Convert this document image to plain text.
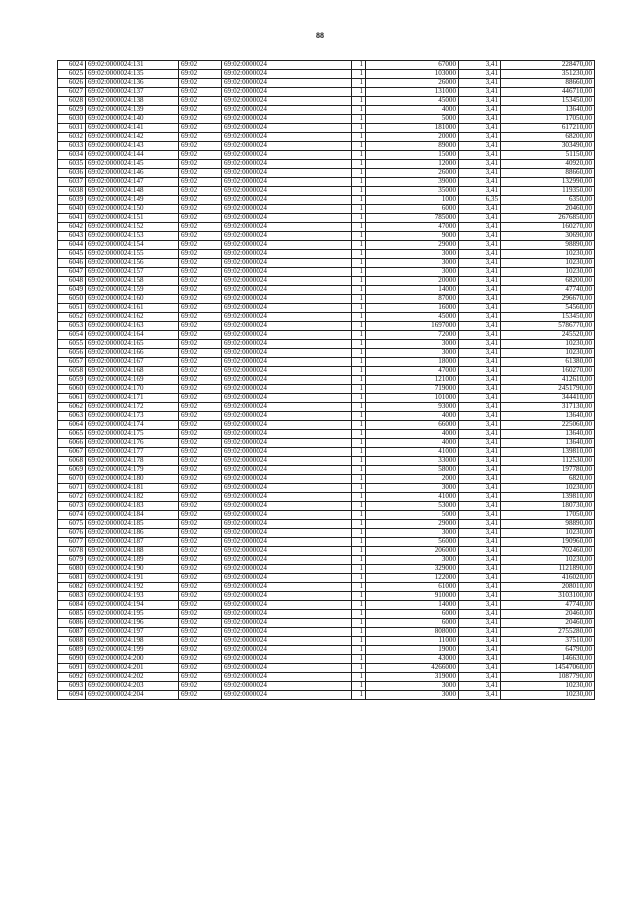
88
6024	69:02:0000024:131	69:02	69:02:0000024	1	67000	3,41	228470,00
6025	69:02:0000024:135	69:02	69:02:0000024	1	103000	3,41	351230,00
6026	69:02:0000024:136	69:02	69:02:0000024	1	26000	3,41	88660,00
6027	69:02:0000024:137	69:02	69:02:0000024	1	131000	3,41	446710,00
6028	69:02:0000024:138	69:02	69:02:0000024	1	45000	3,41	153450,00
6029	69:02:0000024:139	69:02	69:02:0000024	1	4000	3,41	13640,00
6030	69:02:0000024:140	69:02	69:02:0000024	1	5000	3,41	17050,00
6031	69:02:0000024:141	69:02	69:02:0000024	1	181000	3,41	617210,00
6032	69:02:0000024:142	69:02	69:02:0000024	1	20000	3,41	68200,00
6033	69:02:0000024:143	69:02	69:02:0000024	1	89000	3,41	303490,00
6034	69:02:0000024:144	69:02	69:02:0000024	1	15000	3,41	51150,00
6035	69:02:0000024:145	69:02	69:02:0000024	1	12000	3,41	40920,00
6036	69:02:0000024:146	69:02	69:02:0000024	1	26000	3,41	88660,00
6037	69:02:0000024:147	69:02	69:02:0000024	1	39000	3,41	132990,00
6038	69:02:0000024:148	69:02	69:02:0000024	1	35000	3,41	119350,00
6039	69:02:0000024:149	69:02	69:02:0000024	1	1000	6,35	6350,00
6040	69:02:0000024:150	69:02	69:02:0000024	1	6000	3,41	20460,00
6041	69:02:0000024:151	69:02	69:02:0000024	1	785000	3,41	2676850,00
6042	69:02:0000024:152	69:02	69:02:0000024	1	47000	3,41	160270,00
6043	69:02:0000024:153	69:02	69:02:0000024	1	9000	3,41	30690,00
6044	69:02:0000024:154	69:02	69:02:0000024	1	29000	3,41	98890,00
6045	69:02:0000024:155	69:02	69:02:0000024	1	3000	3,41	10230,00
6046	69:02:0000024:156	69:02	69:02:0000024	1	3000	3,41	10230,00
6047	69:02:0000024:157	69:02	69:02:0000024	1	3000	3,41	10230,00
6048	69:02:0000024:158	69:02	69:02:0000024	1	20000	3,41	68200,00
6049	69:02:0000024:159	69:02	69:02:0000024	1	14000	3,41	47740,00
6050	69:02:0000024:160	69:02	69:02:0000024	1	87000	3,41	296670,00
6051	69:02:0000024:161	69:02	69:02:0000024	1	16000	3,41	54560,00
6052	69:02:0000024:162	69:02	69:02:0000024	1	45000	3,41	153450,00
6053	69:02:0000024:163	69:02	69:02:0000024	1	1697000	3,41	5786770,00
6054	69:02:0000024:164	69:02	69:02:0000024	1	72000	3,41	245520,00
6055	69:02:0000024:165	69:02	69:02:0000024	1	3000	3,41	10230,00
6056	69:02:0000024:166	69:02	69:02:0000024	1	3000	3,41	10230,00
6057	69:02:0000024:167	69:02	69:02:0000024	1	18000	3,41	61380,00
6058	69:02:0000024:168	69:02	69:02:0000024	1	47000	3,41	160270,00
6059	69:02:0000024:169	69:02	69:02:0000024	1	121000	3,41	412610,00
6060	69:02:0000024:170	69:02	69:02:0000024	1	719000	3,41	2451790,00
6061	69:02:0000024:171	69:02	69:02:0000024	1	101000	3,41	344410,00
6062	69:02:0000024:172	69:02	69:02:0000024	1	93000	3,41	317130,00
6063	69:02:0000024:173	69:02	69:02:0000024	1	4000	3,41	13640,00
6064	69:02:0000024:174	69:02	69:02:0000024	1	66000	3,41	225060,00
6065	69:02:0000024:175	69:02	69:02:0000024	1	4000	3,41	13640,00
6066	69:02:0000024:176	69:02	69:02:0000024	1	4000	3,41	13640,00
6067	69:02:0000024:177	69:02	69:02:0000024	1	41000	3,41	139810,00
6068	69:02:0000024:178	69:02	69:02:0000024	1	33000	3,41	112530,00
6069	69:02:0000024:179	69:02	69:02:0000024	1	58000	3,41	197780,00
6070	69:02:0000024:180	69:02	69:02:0000024	1	2000	3,41	6820,00
6071	69:02:0000024:181	69:02	69:02:0000024	1	3000	3,41	10230,00
6072	69:02:0000024:182	69:02	69:02:0000024	1	41000	3,41	139810,00
6073	69:02:0000024:183	69:02	69:02:0000024	1	53000	3,41	180730,00
6074	69:02:0000024:184	69:02	69:02:0000024	1	5000	3,41	17050,00
6075	69:02:0000024:185	69:02	69:02:0000024	1	29000	3,41	98890,00
6076	69:02:0000024:186	69:02	69:02:0000024	1	3000	3,41	10230,00
6077	69:02:0000024:187	69:02	69:02:0000024	1	56000	3,41	190960,00
6078	69:02:0000024:188	69:02	69:02:0000024	1	206000	3,41	702460,00
6079	69:02:0000024:189	69:02	69:02:0000024	1	3000	3,41	10230,00
6080	69:02:0000024:190	69:02	69:02:0000024	1	329000	3,41	1121890,00
6081	69:02:0000024:191	69:02	69:02:0000024	1	122000	3,41	416020,00
6082	69:02:0000024:192	69:02	69:02:0000024	1	61000	3,41	208010,00
6083	69:02:0000024:193	69:02	69:02:0000024	1	910000	3,41	3103100,00
6084	69:02:0000024:194	69:02	69:02:0000024	1	14000	3,41	47740,00
6085	69:02:0000024:195	69:02	69:02:0000024	1	6000	3,41	20460,00
6086	69:02:0000024:196	69:02	69:02:0000024	1	6000	3,41	20460,00
6087	69:02:0000024:197	69:02	69:02:0000024	1	808000	3,41	2755280,00
6088	69:02:0000024:198	69:02	69:02:0000024	1	11000	3,41	37510,00
6089	69:02:0000024:199	69:02	69:02:0000024	1	19000	3,41	64790,00
6090	69:02:0000024:200	69:02	69:02:0000024	1	43000	3,41	146630,00
6091	69:02:0000024:201	69:02	69:02:0000024	1	4266000	3,41	14547060,00
6092	69:02:0000024:202	69:02	69:02:0000024	1	319000	3,41	1087790,00
6093	69:02:0000024:203	69:02	69:02:0000024	1	3000	3,41	10230,00
6094	69:02:0000024:204	69:02	69:02:0000024	1	3000	3,41	10230,00
